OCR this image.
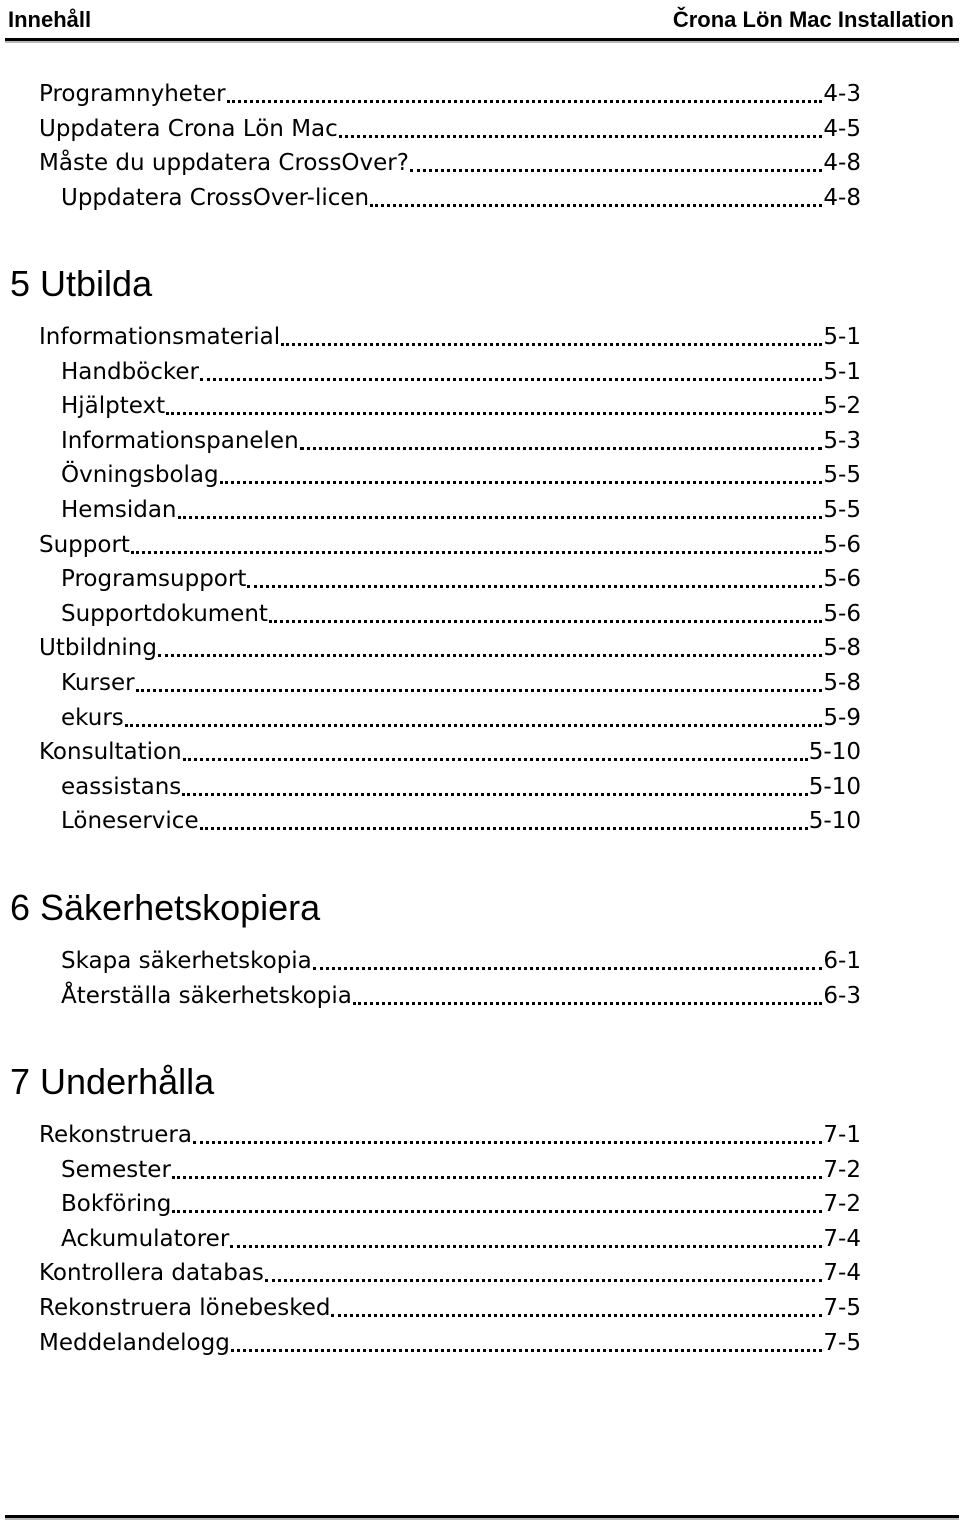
Innehåll	Črona Lön Mac Installation
Programnyheter	4-3
Uppdatera Crona Lön Mac	4-5
Måste du uppdatera CrossOver?	4-8
Uppdatera CrossOver-licen	4-8
5 Utbilda
Informationsmaterial	5-1
Handböcker	5-1
Hjälptext	5-2
Informationspanelen	5-3
Övningsbolag	5-5
Hemsidan	5-5
Support	5-6
Programsupport	5-6
Supportdokument	5-6
Utbildning	5-8
Kurser	5-8
ekurs	5-9
Konsultation	5-10
eassistans	5-10
Löneservice	5-10
6 Säkerhetskopiera
Skapa säkerhetskopia	6-1
Återställa säkerhetskopia	6-3
7 Underhålla
Rekonstruera	7-1
Semester	7-2
Bokföring	7-2
Ackumulatorer	7-4
Kontrollera databas	7-4
Rekonstruera lönebesked	7-5
Meddelandelogg	7-5
